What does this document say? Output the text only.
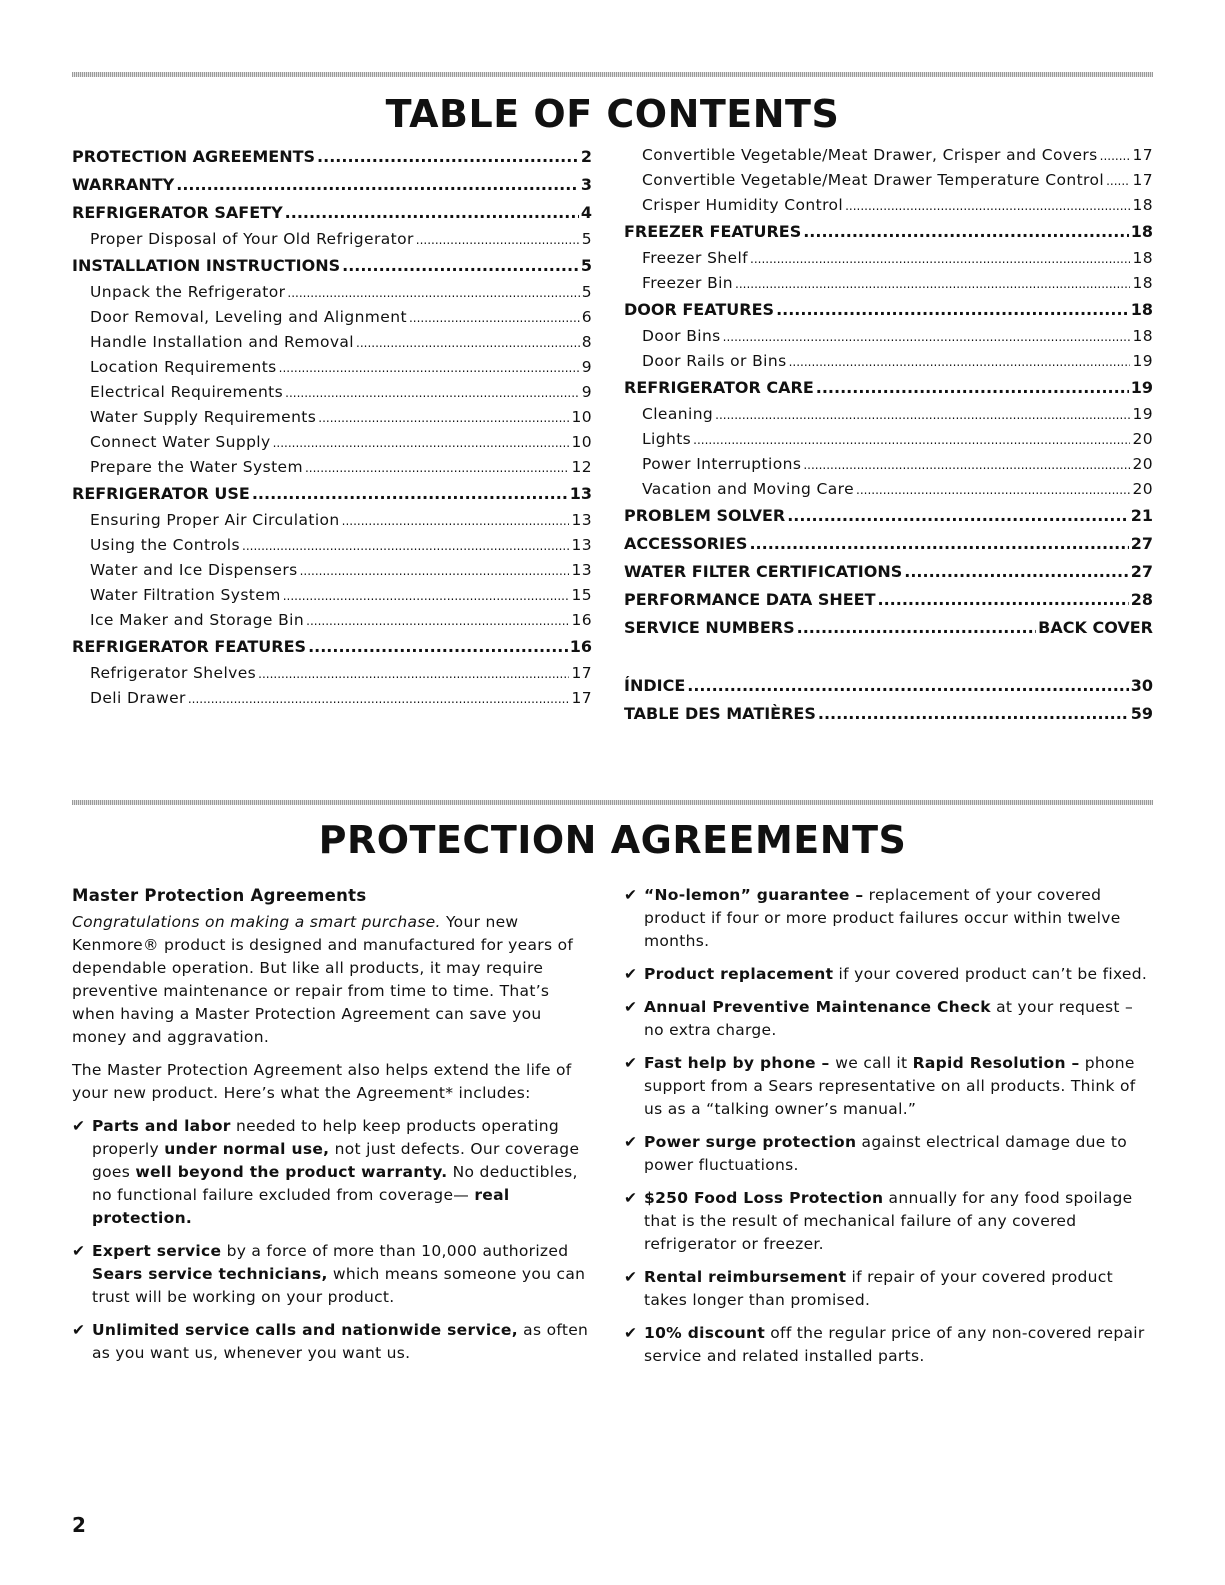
TABLE OF CONTENTS
PROTECTION AGREEMENTS .....	2
WARRANTY .....	3
REFRIGERATOR SAFETY .....	4
Proper Disposal of Your Old Refrigerator .....	5
INSTALLATION INSTRUCTIONS .....	5
Unpack the Refrigerator .....	5
Door Removal, Leveling and Alignment .....	6
Handle Installation and Removal .....	8
Location Requirements .....	9
Electrical Requirements .....	9
Water Supply Requirements .....	10
Connect Water Supply .....	10
Prepare the Water System .....	12
REFRIGERATOR USE .....	13
Ensuring Proper Air Circulation .....	13
Using the Controls .....	13
Water and Ice Dispensers .....	13
Water Filtration System .....	15
Ice Maker and Storage Bin .....	16
REFRIGERATOR FEATURES .....	16
Refrigerator Shelves .....	17
Deli Drawer .....	17
Convertible Vegetable/Meat Drawer, Crisper and Covers ..... 17
Convertible Vegetable/Meat Drawer Temperature Control ..... 17
Crisper Humidity Control .....	18
FREEZER FEATURES .....	18
Freezer Shelf .....	18
Freezer Bin .....	18
DOOR FEATURES .....	18
Door Bins .....	18
Door Rails or Bins .....	19
REFRIGERATOR CARE .....	19
Cleaning .....	19
Lights .....	20
Power Interruptions .....	20
Vacation and Moving Care .....	20
PROBLEM SOLVER .....	21
ACCESSORIES .....	27
WATER FILTER CERTIFICATIONS .....	27
PERFORMANCE DATA SHEET .....	28
SERVICE NUMBERS .....	BACK COVER
ÍNDICE .....	30
TABLE DES MATIÈRES .....	59
PROTECTION AGREEMENTS

Master Protection Agreements

Congratulations on making a smart purchase. Your new Kenmore® product is designed and manufactured for years of dependable operation. But like all products, it may require preventive maintenance or repair from time to time. That’s when having a Master Protection Agreement can save you money and aggravation.

The Master Protection Agreement also helps extend the life of your new product. Here’s what the Agreement* includes:

✔ Parts and labor needed to help keep products operating properly under normal use, not just defects. Our coverage goes well beyond the product warranty. No deductibles, no functional failure excluded from coverage— real protection.

✔ Expert service by a force of more than 10,000 authorized Sears service technicians, which means someone you can trust will be working on your product.

✔ Unlimited service calls and nationwide service, as often as you want us, whenever you want us.

✔ “No-lemon” guarantee – replacement of your covered product if four or more product failures occur within twelve months.

✔ Product replacement if your covered product can’t be fixed.

✔ Annual Preventive Maintenance Check at your request – no extra charge.

✔ Fast help by phone – we call it Rapid Resolution – phone support from a Sears representative on all products. Think of us as a “talking owner’s manual.”

✔ Power surge protection against electrical damage due to power fluctuations.

✔ $250 Food Loss Protection annually for any food spoilage that is the result of mechanical failure of any covered refrigerator or freezer.

✔ Rental reimbursement if repair of your covered product takes longer than promised.

✔ 10% discount off the regular price of any non-covered repair service and related installed parts.

2
